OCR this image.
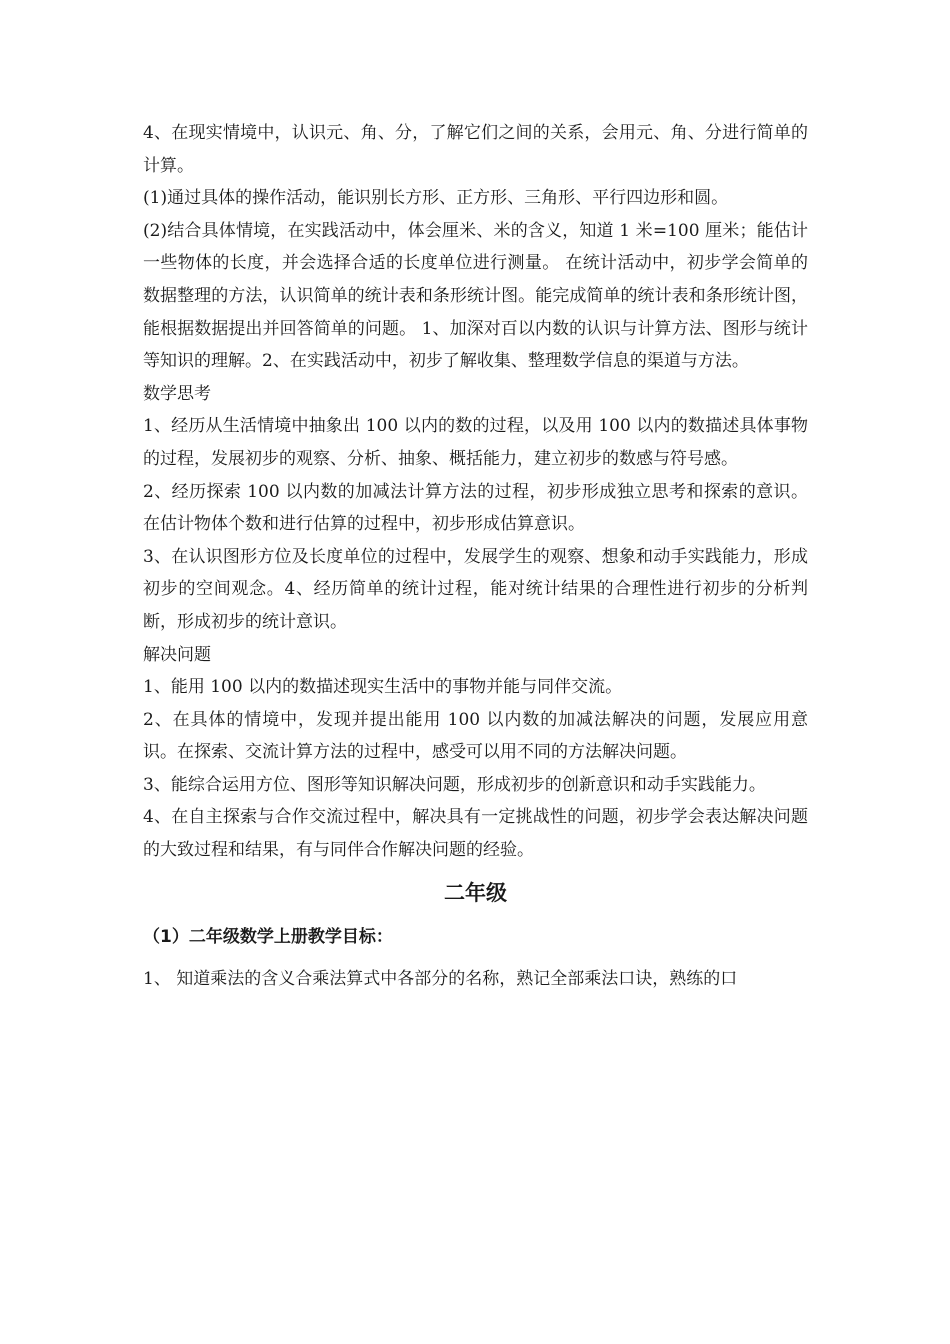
4、在现实情境中，认识元、角、分，了解它们之间的关系，会用元、角、分进行简单的计算。

(1)通过具体的操作活动，能识别长方形、正方形、三角形、平行四边形和圆。

(2)结合具体情境，在实践活动中，体会厘米、米的含义，知道 1 米=100 厘米；能估计一些物体的长度，并会选择合适的长度单位进行测量。 在统计活动中，初步学会简单的数据整理的方法，认识简单的统计表和条形统计图。能完成简单的统计表和条形统计图，能根据数据提出并回答简单的问题。 1、加深对百以内数的认识与计算方法、图形与统计等知识的理解。2、在实践活动中，初步了解收集、整理数学信息的渠道与方法。

数学思考

1、经历从生活情境中抽象出 100 以内的数的过程，以及用 100 以内的数描述具体事物的过程，发展初步的观察、分析、抽象、概括能力，建立初步的数感与符号感。

2、经历探索 100 以内数的加减法计算方法的过程，初步形成独立思考和探索的意识。在估计物体个数和进行估算的过程中，初步形成估算意识。

3、在认识图形方位及长度单位的过程中，发展学生的观察、想象和动手实践能力，形成初步的空间观念。4、经历简单的统计过程，能对统计结果的合理性进行初步的分析判断，形成初步的统计意识。

解决问题

1、能用 100 以内的数描述现实生活中的事物并能与同伴交流。

2、在具体的情境中，发现并提出能用 100 以内数的加减法解决的问题，发展应用意识。在探索、交流计算方法的过程中，感受可以用不同的方法解决问题。

3、能综合运用方位、图形等知识解决问题，形成初步的创新意识和动手实践能力。

4、在自主探索与合作交流过程中，解决具有一定挑战性的问题，初步学会表达解决问题的大致过程和结果，有与同伴合作解决问题的经验。

二年级

（1）二年级数学上册教学目标：

1、 知道乘法的含义合乘法算式中各部分的名称，熟记全部乘法口诀，熟练的口
